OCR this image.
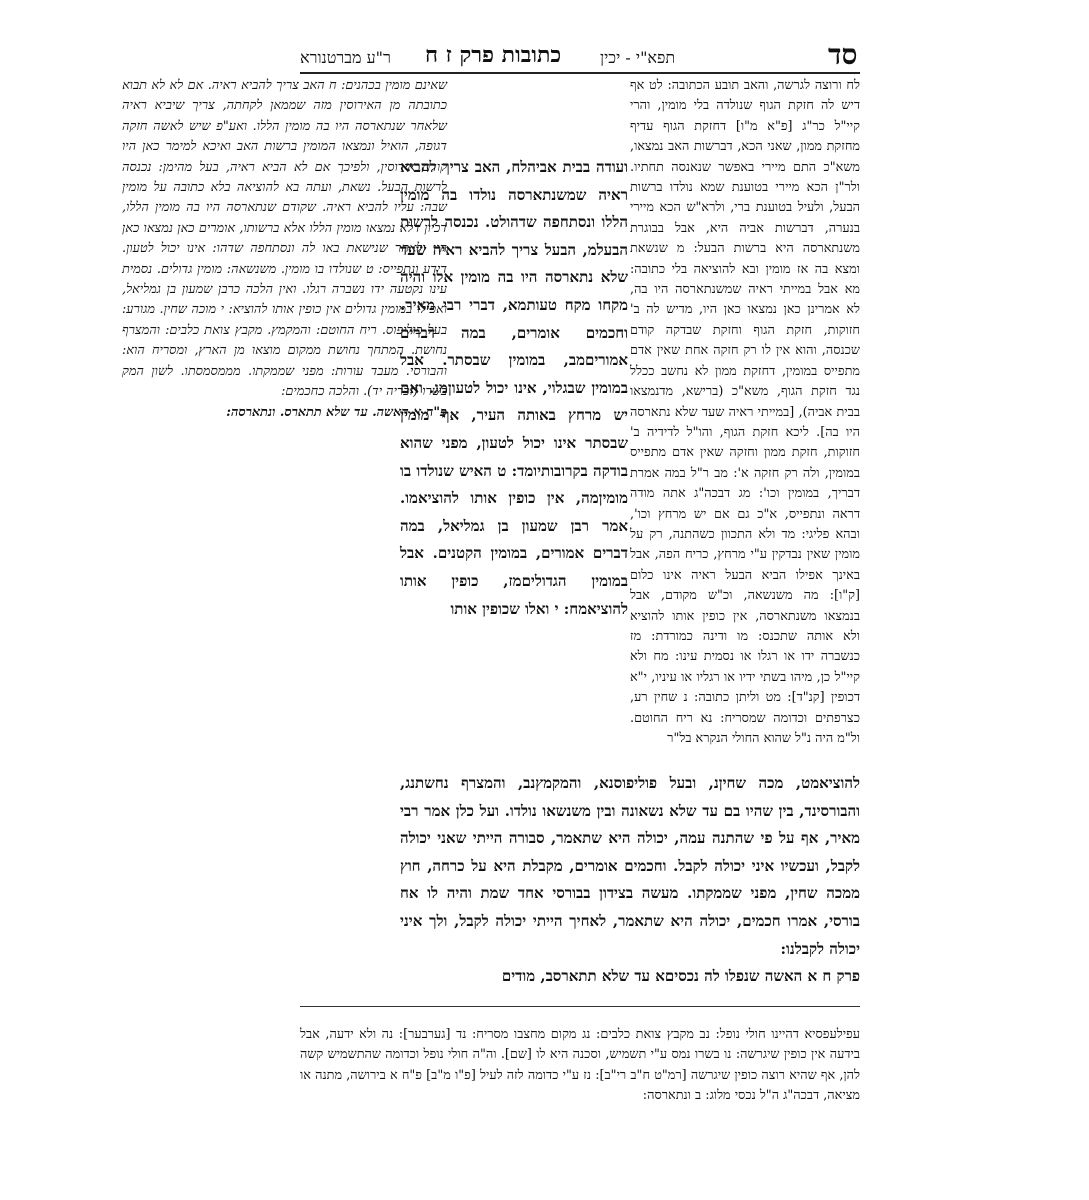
סד
תפא"י - יכין
כתובות פרק ז ח
ר"ע מברטנורא

לח ורוצה לגרשה, והאב תובע הכתובה: לט אף דיש לה חזקת הגוף שנולדה בלי מומין, והרי קיי"ל כר"ג [פ"א מ"ו] דחזקת הגוף עדיף מחזקת ממון, שאני הכא, דברשות האב נמצאו, משא"כ התם מיירי באפשר שנאנסה תחתיו. ולר"ן הכא מיירי בטוענת שמא נולדו ברשות הבעל, ולעיל בטוענת ברי, ולרא"ש הכא מיירי בנערה, דברשות אביה היא, אבל בבוגרת משנתארסה היא ברשות הבעל: מ שנשאת ומצא בה אז מומין ובא להוציאה בלי כתובה: מא אבל במייתי ראיה שמשנתארסה היו בה, לא אמרינן כאן נמצאו כאן היו, מדיש לה ב' חזוקות, חזקת הגוף וחזקת שבדקה קודם שכנסה, והוא אין לו רק חזקה אחת שאין אדם מתפייס במומין, דחזקת ממון לא נחשב ככלל נגד חזקת הגוף, משא"כ (ברישא, מדנמצאו בבית אביה), [במייתי ראיה שעד שלא נתארסה היו בה]. ליכא חזקת הגוף, והו"ל לדידיה ב' חזוקות, חזקת ממון וחזקה שאין אדם מתפייס במומין, ולה רק חזקה א': מב ר"ל במה אמרת דבריך, במומין וכו': מג דבכה"ג אתה מודה דראה ונתפייס, א"כ גם אם יש מרחץ וכו', ובהא פליגי: מד ולא התכוון כשהתנה, רק על מומין שאין נבדקין ע"י מרחץ, כריח הפה, אבל באינך אפילו הביא הבעל ראיה אינו כלום [ק"ו]: מה משנשאה, וכ"ש מקודם, אבל בנמצאו משנתארסה, אין כופין אותו להוציא ולא אותה שתכנס: מו ודינה כמורדת: מז כנשברה ידו או רגלו או נסמית עינו: מח ולא קיי"ל כן, מיהו בשתי ידיו או רגליו או עיניו, י"א דכופין [קנ"ד]: מט וליתן כתובה: נ שחין רע, כצרפתים וכדומה שמסריח: נא ריח החוטם. ול"מ היה נ"ל שהוא החולי הנקרא בל"ר

שאינם מומין בכהנים: ח האב צריך להביא ראיה. אם לא לא תבוא כתובתה מן האירוסין מזה שממאן לקחתה, צריך שיביא ראיה שלאחר שנתארסה היו בה מומין הללו. ואע"פ שיש לאשה חזקה דגופה, הואיל ונמצאו המומין ברשות האב ואיכא למימר כאן היו קודם אירוסין, ולפיכך אם לא הביא ראיה, בעל מהימן: נכנסה לרשות הבעל. נשאת, ועתה בא להוציאה בלא כתובה על מומין שבה: עליו להביא ראיה. שקודם שנתארסה היו בה מומין הללו, דכיון דלא נמצאו מומין הללו אלא ברשותו, אומרים כאן נמצאו כאן היו ולאחר שנישאת באו לה ונסתחפה שדהו: אינו יכול לטעון. דידע ונתפייס: ט שנולדו בו מומין. משנשאה: מומין גדולים. נסמית עינו נקטעה ידו נשברה רגלו. ואין הלכה כרבן שמעון בן גמליאל, ואפילו במומין גדולים אין כופין אותו להוציא: י מוכה שחין. מגורע: בעל פוליפוס. ריח החוטם: והמקמץ. מקבץ צואת כלבים: והמצרף נחושת. המתחך נחושת ממקום מוצאו מן הארץ, ומסריח הוא: והבורסי. מעבד עורות: מפני שממקתו. מממסמסתו. לשון המק בשרו (זכריה יד). והלכה כחכמים:

פ"ח א האשה. עד שלא תתארס. ונתארסה:

ועודה בבית אביהלח, האב צריך להביא ראיה שמשנתארסה נולדו בה מומין הללו ונסתחפה שדהולט. נכנסה לרשות הבעלמ, הבעל צריך להביא ראיה שעד שלא נתארסה היו בה מומין אלו והיה מקחו מקח טעותמא, דברי רבי מאיר. וחכמים אומרים, במה דברים אמוריםמב, במומין שבסתר. אבל במומין שבגלוי, אינו יכול לטעוןמג. ואם יש מרחץ באותה העיר, אף מומין שבסתר אינו יכול לטעון, מפני שהוא בודקה בקרובותיומד: ט האיש שנולדו בו מומיןמה, אין כופין אותו להוציאמו. אמר רבן שמעון בן גמליאל, במה דברים אמורים, במומין הקטנים. אבל במומין הגדוליםמז, כופין אותו להוציאמח: י ואלו שכופין אותו

להוציאמט, מכה שחיןנ, ובעל פוליפוסנא, והמקמץנב, והמצרף נחשתנג, והבורסינד, בין שהיו בם עד שלא נשאונה ובין משנשאו נולדו. ועל כלן אמר רבי מאיר, אף על פי שהתנה עמה, יכולה היא שתאמר, סבורה הייתי שאני יכולה לקבל, ועכשיו איני יכולה לקבל. וחכמים אומרים, מקבלת היא על כרחה, חוץ ממכה שחין, מפני שממקתו. מעשה בצידון בבורסי אחד שמת והיה לו אח בורסי, אמרו חכמים, יכולה היא שתאמר, לאחיך הייתי יכולה לקבל, ולך איני יכולה לקבלנו:

פרק ח א האשה שנפלו לה נכסיםא עד שלא תתארסב, מודים

עפילעפסיא דהיינו חולי נופל: נב מקבץ צואת כלבים: נג מקום מחצבו מסריח: נד [גערבער]: נה ולא ידעה, אבל בידעה אין כופין שיגרשה: נו בשרו נמס ע"י תשמיש, וסכנה היא לו [שם]. וה"ה חולי נופל וכדומה שהתשמיש קשה להן, אף שהיא רוצה כופין שיגרשה [רמ"ט ח"ב רי"ב]: נז ע"י כדומה לזה לעיל [פ"ו מ"ב] פ"ח א בירושה, מתנה או מציאה, דבכה"ג ה"ל נכסי מלוג: ב ונתארסה:
